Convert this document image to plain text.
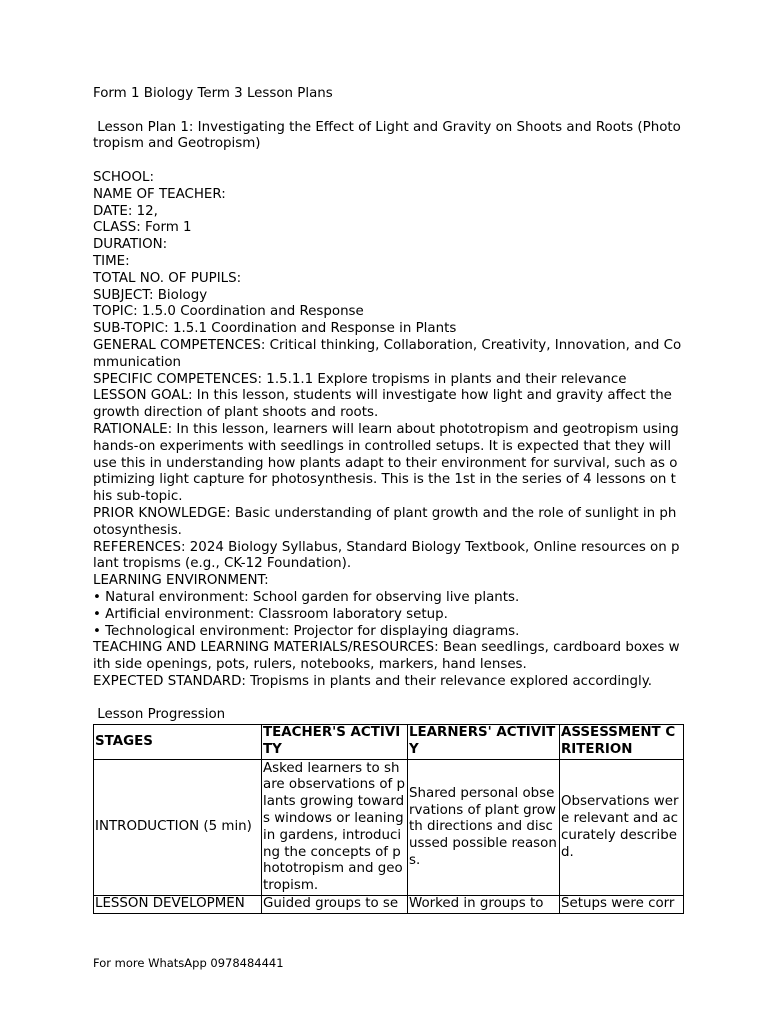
Form 1 Biology Term 3 Lesson Plans

Lesson Plan 1: Investigating the Effect of Light and Gravity on Shoots and Roots (Phototropism and Geotropism)

SCHOOL:

NAME OF TEACHER:

DATE: 12,

CLASS: Form 1

DURATION:

TIME:

TOTAL NO. OF PUPILS:

SUBJECT: Biology

TOPIC: 1.5.0 Coordination and Response

SUB-TOPIC: 1.5.1 Coordination and Response in Plants

GENERAL COMPETENCES: Critical thinking, Collaboration, Creativity, Innovation, and Communication

SPECIFIC COMPETENCES: 1.5.1.1 Explore tropisms in plants and their relevance

LESSON GOAL: In this lesson, students will investigate how light and gravity affect the growth direction of plant shoots and roots.

RATIONALE: In this lesson, learners will learn about phototropism and geotropism using hands-on experiments with seedlings in controlled setups. It is expected that they will use this in understanding how plants adapt to their environment for survival, such as optimizing light capture for photosynthesis. This is the 1st in the series of 4 lessons on this sub-topic.

PRIOR KNOWLEDGE: Basic understanding of plant growth and the role of sunlight in photosynthesis.

REFERENCES: 2024 Biology Syllabus, Standard Biology Textbook, Online resources on plant tropisms (e.g., CK-12 Foundation).

LEARNING ENVIRONMENT:

• Natural environment: School garden for observing live plants.

• Artificial environment: Classroom laboratory setup.

• Technological environment: Projector for displaying diagrams.

TEACHING AND LEARNING MATERIALS/RESOURCES: Bean seedlings, cardboard boxes with side openings, pots, rulers, notebooks, markers, hand lenses.

EXPECTED STANDARD: Tropisms in plants and their relevance explored accordingly.

Lesson Progression

STAGES	TEACHER'S ACTIVITY	LEARNERS' ACTIVITY	ASSESSMENT CRITERION
INTRODUCTION (5 min)	Asked learners to share observations of plants growing towards windows or leaning in gardens, introducing the concepts of phototropism and geotropism.	Shared personal observations of plant growth directions and discussed possible reasons.	Observations were relevant and accurately described.
LESSON DEVELOPMEN	Guided groups to se	Worked in groups to	Setups were corr
For more WhatsApp 0978484441
